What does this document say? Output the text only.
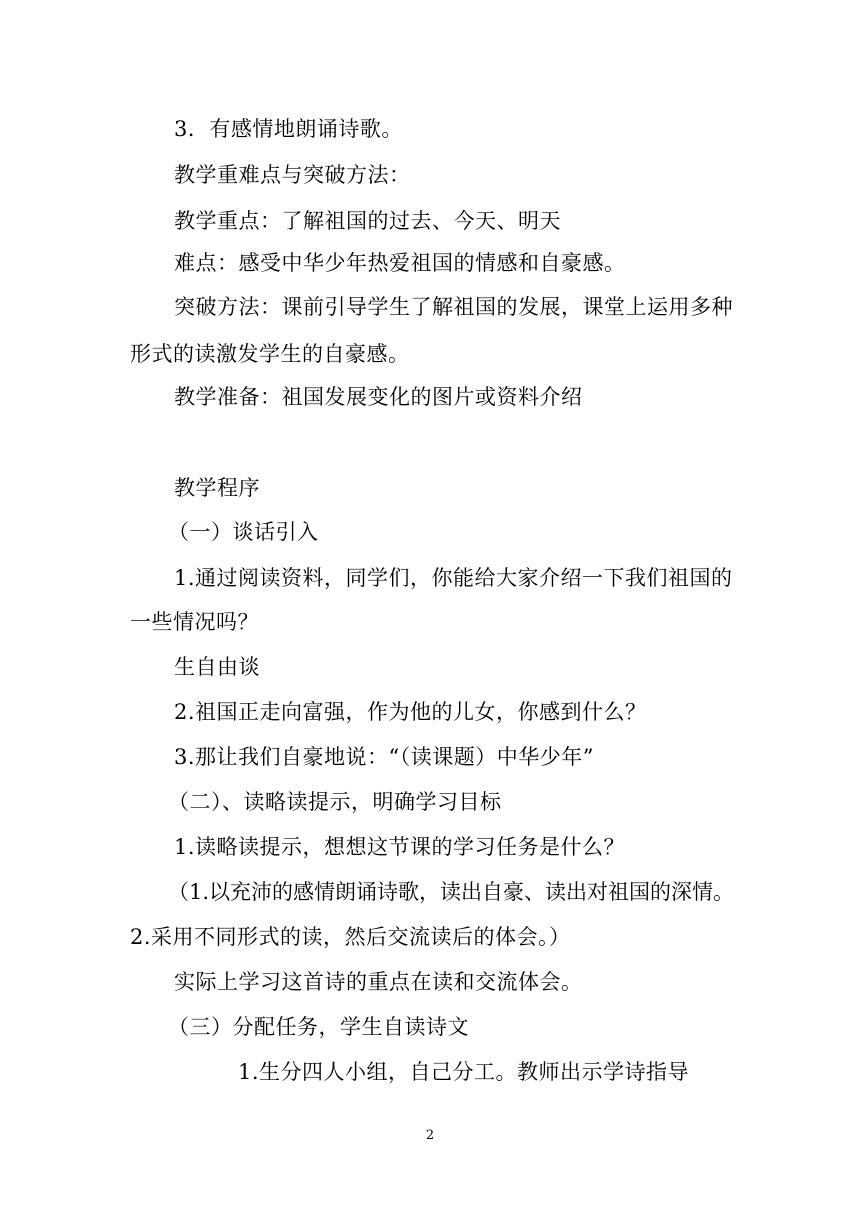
3．有感情地朗诵诗歌。
教学重难点与突破方法：
教学重点：了解祖国的过去、今天、明天
难点：感受中华少年热爱祖国的情感和自豪感。
突破方法：课前引导学生了解祖国的发展，课堂上运用多种
形式的读激发学生的自豪感。
教学准备：祖国发展变化的图片或资料介绍
教学程序
（一）谈话引入
1.通过阅读资料，同学们，你能给大家介绍一下我们祖国的
一些情况吗？
生自由谈
2.祖国正走向富强，作为他的儿女，你感到什么？
3.那让我们自豪地说：“（读课题）中华少年”
（二）、读略读提示，明确学习目标
1.读略读提示，想想这节课的学习任务是什么？
（1.以充沛的感情朗诵诗歌，读出自豪、读出对祖国的深情。
2.采用不同形式的读，然后交流读后的体会。）
实际上学习这首诗的重点在读和交流体会。
（三）分配任务，学生自读诗文
1.生分四人小组，自己分工。教师出示学诗指导
2
